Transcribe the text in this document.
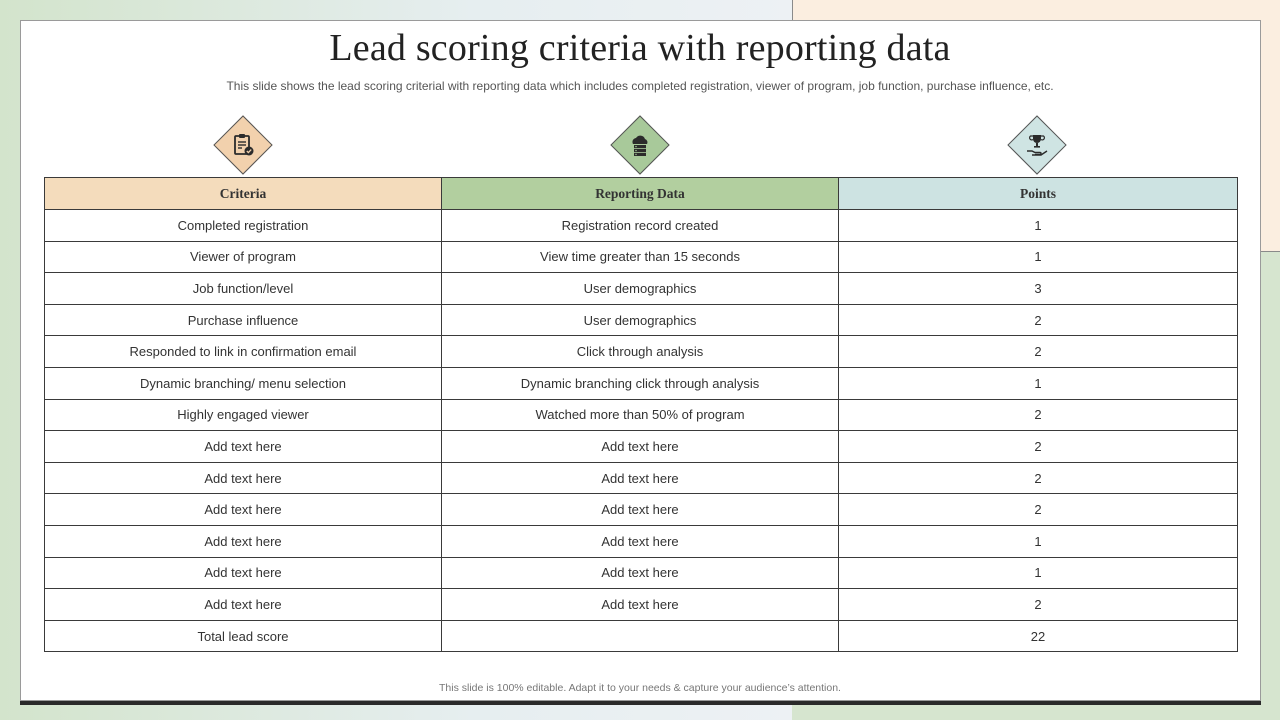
Lead scoring criteria with reporting data
This slide shows the lead scoring criterial with reporting data which includes completed registration, viewer of program, job function, purchase influence, etc.
Criteria	Reporting Data	Points
Completed registration	Registration record created	1
Viewer of program	View time greater than 15 seconds	1
Job function/level	User demographics	3
Purchase influence	User demographics	2
Responded to link in confirmation email	Click through analysis	2
Dynamic branching/ menu selection	Dynamic branching click through analysis	1
Highly engaged viewer	Watched more than 50% of program	2
Add text here	Add text here	2
Add text here	Add text here	2
Add text here	Add text here	2
Add text here	Add text here	1
Add text here	Add text here	1
Add text here	Add text here	2
Total lead score		22
This slide is 100% editable. Adapt it to your needs & capture your audience’s attention.
